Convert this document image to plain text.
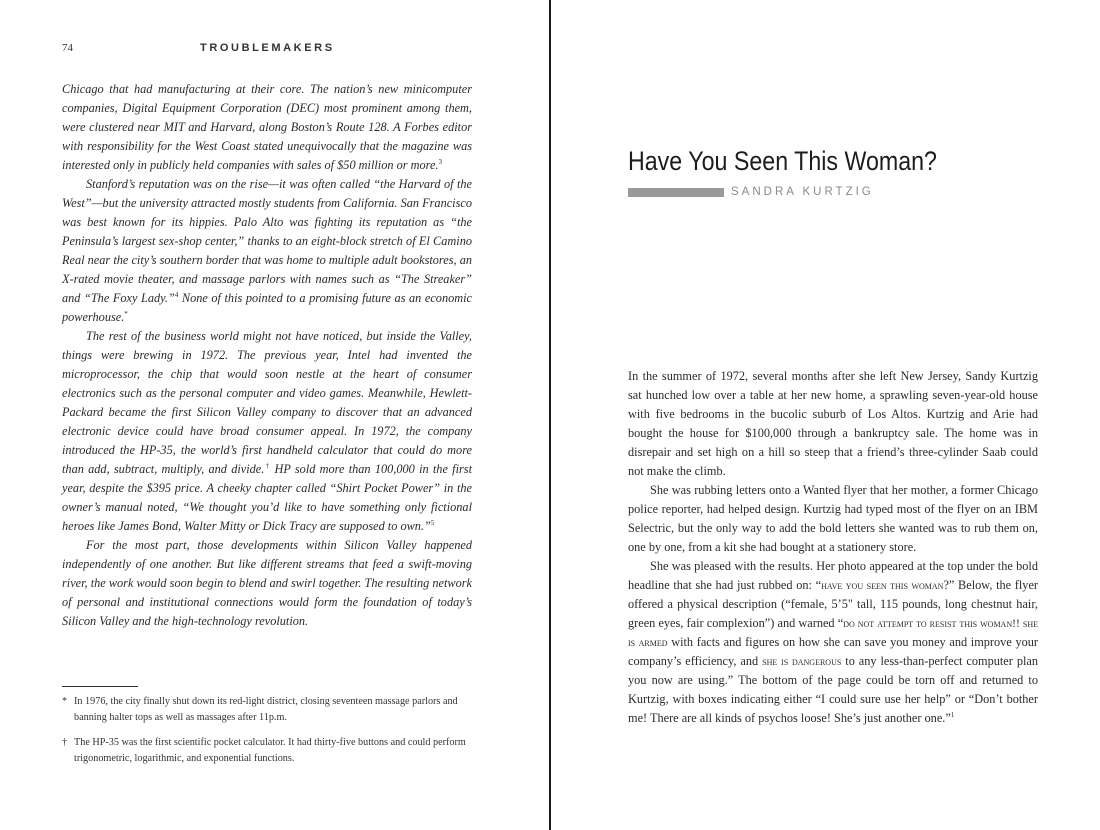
74	TROUBLEMAKERS

Chicago that had manufacturing at their core. The nation’s new minicomputer companies, Digital Equipment Corporation (DEC) most prominent among them, were clustered near MIT and Harvard, along Boston’s Route 128. A Forbes editor with responsibility for the West Coast stated unequivocally that the magazine was interested only in publicly held companies with sales of $50 million or more.$^3$

Stanford’s reputation was on the rise—it was often called “the Harvard of the West”—but the university attracted mostly students from California. San Francisco was best known for its hippies. Palo Alto was fighting its reputation as “the Peninsula’s largest sex-shop center,” thanks to an eight-block stretch of El Camino Real near the city’s southern border that was home to multiple adult bookstores, an X-rated movie theater, and massage parlors with names such as “The Streaker” and “The Foxy Lady.”$^4$ None of this pointed to a promising future as an economic powerhouse.*

The rest of the business world might not have noticed, but inside the Valley, things were brewing in 1972. The previous year, Intel had invented the microprocessor, the chip that would soon nestle at the heart of consumer electronics such as the personal computer and video games. Meanwhile, Hewlett-Packard became the first Silicon Valley company to discover that an advanced electronic device could have broad consumer appeal. In 1972, the company introduced the HP-35, the world’s first handheld calculator that could do more than add, subtract, multiply, and divide.† HP sold more than 100,000 in the first year, despite the $395 price. A cheeky chapter called “Shirt Pocket Power” in the owner’s manual noted, “We thought you’d like to have something only fictional heroes like James Bond, Walter Mitty or Dick Tracy are supposed to own.”$^5$

For the most part, those developments within Silicon Valley happened independently of one another. But like different streams that feed a swift-moving river, the work would soon begin to blend and swirl together. The resulting network of personal and institutional connections would form the foundation of today’s Silicon Valley and the high-technology revolution.

* In 1976, the city finally shut down its red-light district, closing seventeen massage parlors and banning halter tops as well as massages after 11p.m.
† The HP-35 was the first scientific pocket calculator. It had thirty-five buttons and could perform trigonometric, logarithmic, and exponential functions.
Have You Seen This Woman?
SANDRA KURTZIG

In the summer of 1972, several months after she left New Jersey, Sandy Kurtzig sat hunched low over a table at her new home, a sprawling seven-year-old house with five bedrooms in the bucolic suburb of Los Altos. Kurtzig and Arie had bought the house for $100,000 through a bankruptcy sale. The home was in disrepair and set high on a hill so steep that a friend’s three-cylinder Saab could not make the climb.

She was rubbing letters onto a Wanted flyer that her mother, a former Chicago police reporter, had helped design. Kurtzig had typed most of the flyer on an IBM Selectric, but the only way to add the bold letters she wanted was to rub them on, one by one, from a kit she had bought at a stationery store.

She was pleased with the results. Her photo appeared at the top under the bold headline that she had just rubbed on: “have you seen this woman?” Below, the flyer offered a physical description (“female, 5’5" tall, 115 pounds, long chestnut hair, green eyes, fair complexion”) and warned “do not attempt to resist this woman!! she is armed with facts and figures on how she can save you money and improve your company’s efficiency, and she is dangerous to any less-than-perfect computer plan you now are using.” The bottom of the page could be torn off and returned to Kurtzig, with boxes indicating either “I could sure use her help” or “Don’t bother me! There are all kinds of psychos loose! She’s just another one.”$^1$
